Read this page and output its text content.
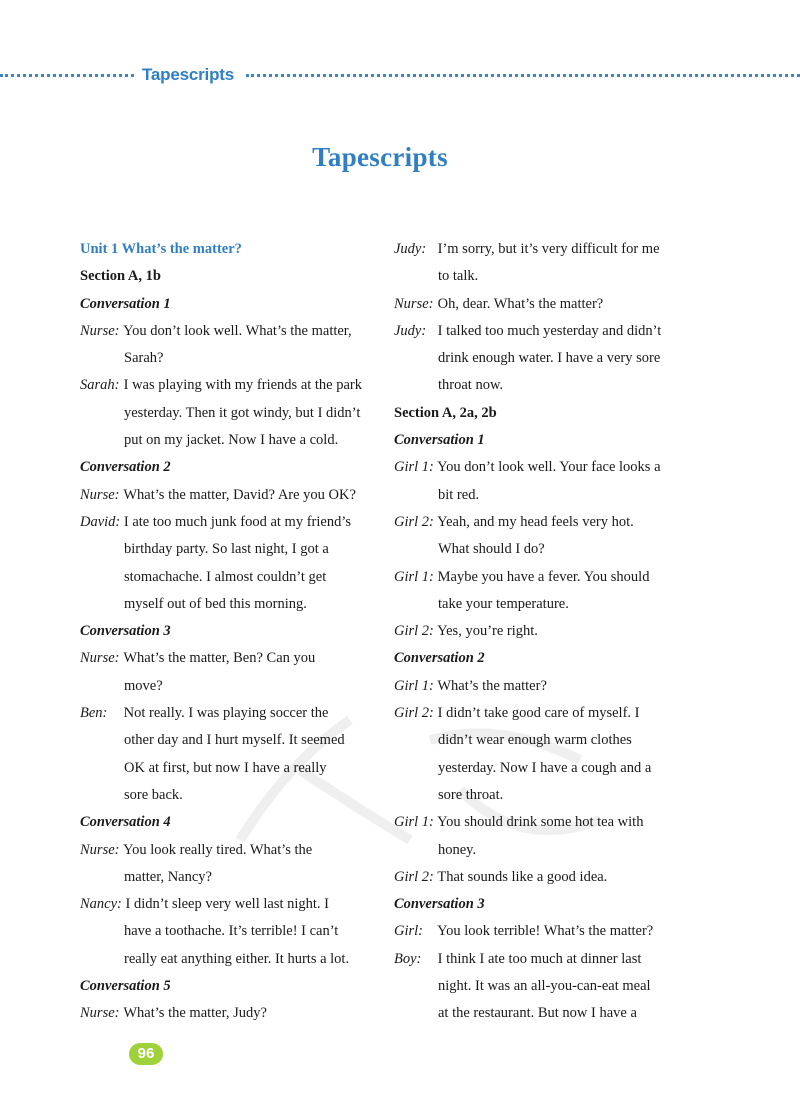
Tapescripts
Tapescripts
Unit 1 What’s the matter?
Section A, 1b
Conversation 1
Nurse: You don’t look well. What’s the matter,
Sarah?
Sarah: I was playing with my friends at the park
yesterday. Then it got windy, but I didn’t
put on my jacket. Now I have a cold.
Conversation 2
Nurse: What’s the matter, David? Are you OK?
David: I ate too much junk food at my friend’s
birthday party. So last night, I got a
stomachache. I almost couldn’t get
myself out of bed this morning.
Conversation 3
Nurse: What’s the matter, Ben? Can you
move?
Ben: Not really. I was playing soccer the
other day and I hurt myself. It seemed
OK at first, but now I have a really
sore back.
Conversation 4
Nurse: You look really tired. What’s the
matter, Nancy?
Nancy: I didn’t sleep very well last night. I
have a toothache. It’s terrible! I can’t
really eat anything either. It hurts a lot.
Conversation 5
Nurse: What’s the matter, Judy?
Judy: I’m sorry, but it’s very difficult for me
to talk.
Nurse: Oh, dear. What’s the matter?
Judy: I talked too much yesterday and didn’t
drink enough water. I have a very sore
throat now.
Section A, 2a, 2b
Conversation 1
Girl 1: You don’t look well. Your face looks a
bit red.
Girl 2: Yeah, and my head feels very hot.
What should I do?
Girl 1: Maybe you have a fever. You should
take your temperature.
Girl 2: Yes, you’re right.
Conversation 2
Girl 1: What’s the matter?
Girl 2: I didn’t take good care of myself. I
didn’t wear enough warm clothes
yesterday. Now I have a cough and a
sore throat.
Girl 1: You should drink some hot tea with
honey.
Girl 2: That sounds like a good idea.
Conversation 3
Girl: You look terrible! What’s the matter?
Boy: I think I ate too much at dinner last
night. It was an all-you-can-eat meal
at the restaurant. But now I have a
96
